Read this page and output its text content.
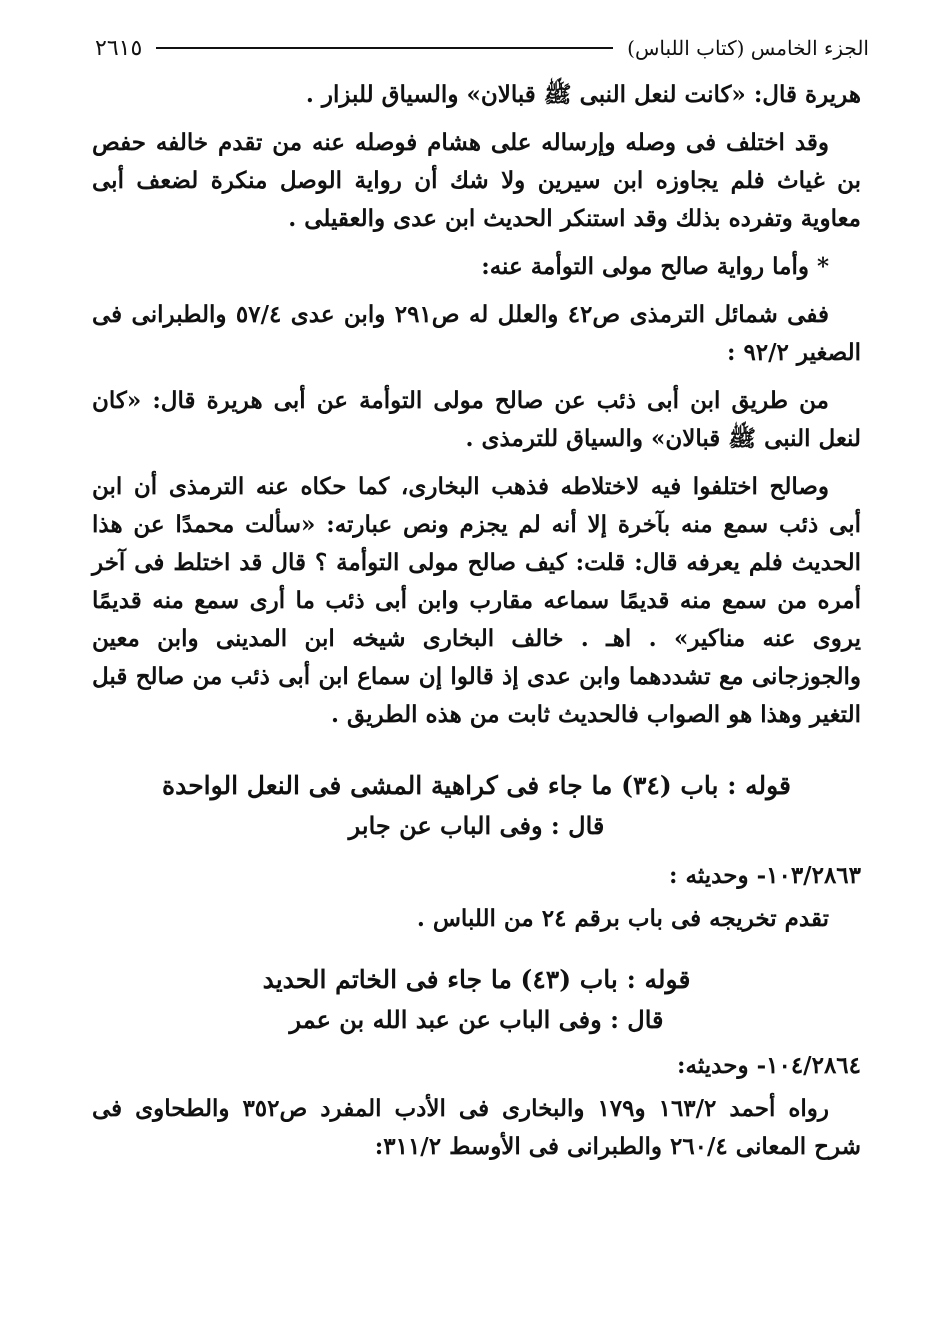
الجزء الخامس (كتاب اللباس)
٢٦١٥

هريرة قال: «كانت لنعل النبى ﷺ قبالان» والسياق للبزار .

وقد اختلف فى وصله وإرساله على هشام فوصله عنه من تقدم خالفه حفص بن غياث فلم يجاوزه ابن سيرين ولا شك أن رواية الوصل منكرة لضعف أبى معاوية وتفرده بذلك وقد استنكر الحديث ابن عدى والعقيلى .

* وأما رواية صالح مولى التوأمة عنه:

ففى شمائل الترمذى ص٤٢ والعلل له ص٢٩١ وابن عدى ٥٧/٤ والطبرانى فى الصغير ٩٢/٢ :

من طريق ابن أبى ذئب عن صالح مولى التوأمة عن أبى هريرة قال: «كان لنعل النبى ﷺ قبالان» والسياق للترمذى .

وصالح اختلفوا فيه لاختلاطه فذهب البخارى، كما حكاه عنه الترمذى أن ابن أبى ذئب سمع منه بآخرة إلا أنه لم يجزم ونص عبارته: «سألت محمدًا عن هذا الحديث فلم يعرفه قال: قلت: كيف صالح مولى التوأمة ؟ قال قد اختلط فى آخر أمره من سمع منه قديمًا سماعه مقارب وابن أبى ذئب ما أرى سمع منه قديمًا يروى عنه مناكير» . اهـ . خالف البخارى شيخه ابن المدينى وابن معين والجوزجانى مع تشددهما وابن عدى إذ قالوا إن سماع ابن أبى ذئب من صالح قبل التغير وهذا هو الصواب فالحديث ثابت من هذه الطريق .

قوله : باب (٣٤) ما جاء فى كراهية المشى فى النعل الواحدة

قال : وفى الباب عن جابر

١٠٣/٢٨٦٣- وحديثه :

تقدم تخريجه فى باب برقم ٢٤ من اللباس .

قوله : باب (٤٣) ما جاء فى الخاتم الحديد

قال : وفى الباب عن عبد الله بن عمر

١٠٤/٢٨٦٤- وحديثه:

رواه أحمد ١٦٣/٢ و١٧٩ والبخارى فى الأدب المفرد ص٣٥٢ والطحاوى فى شرح المعانى ٢٦٠/٤ والطبرانى فى الأوسط ٣١١/٢:
